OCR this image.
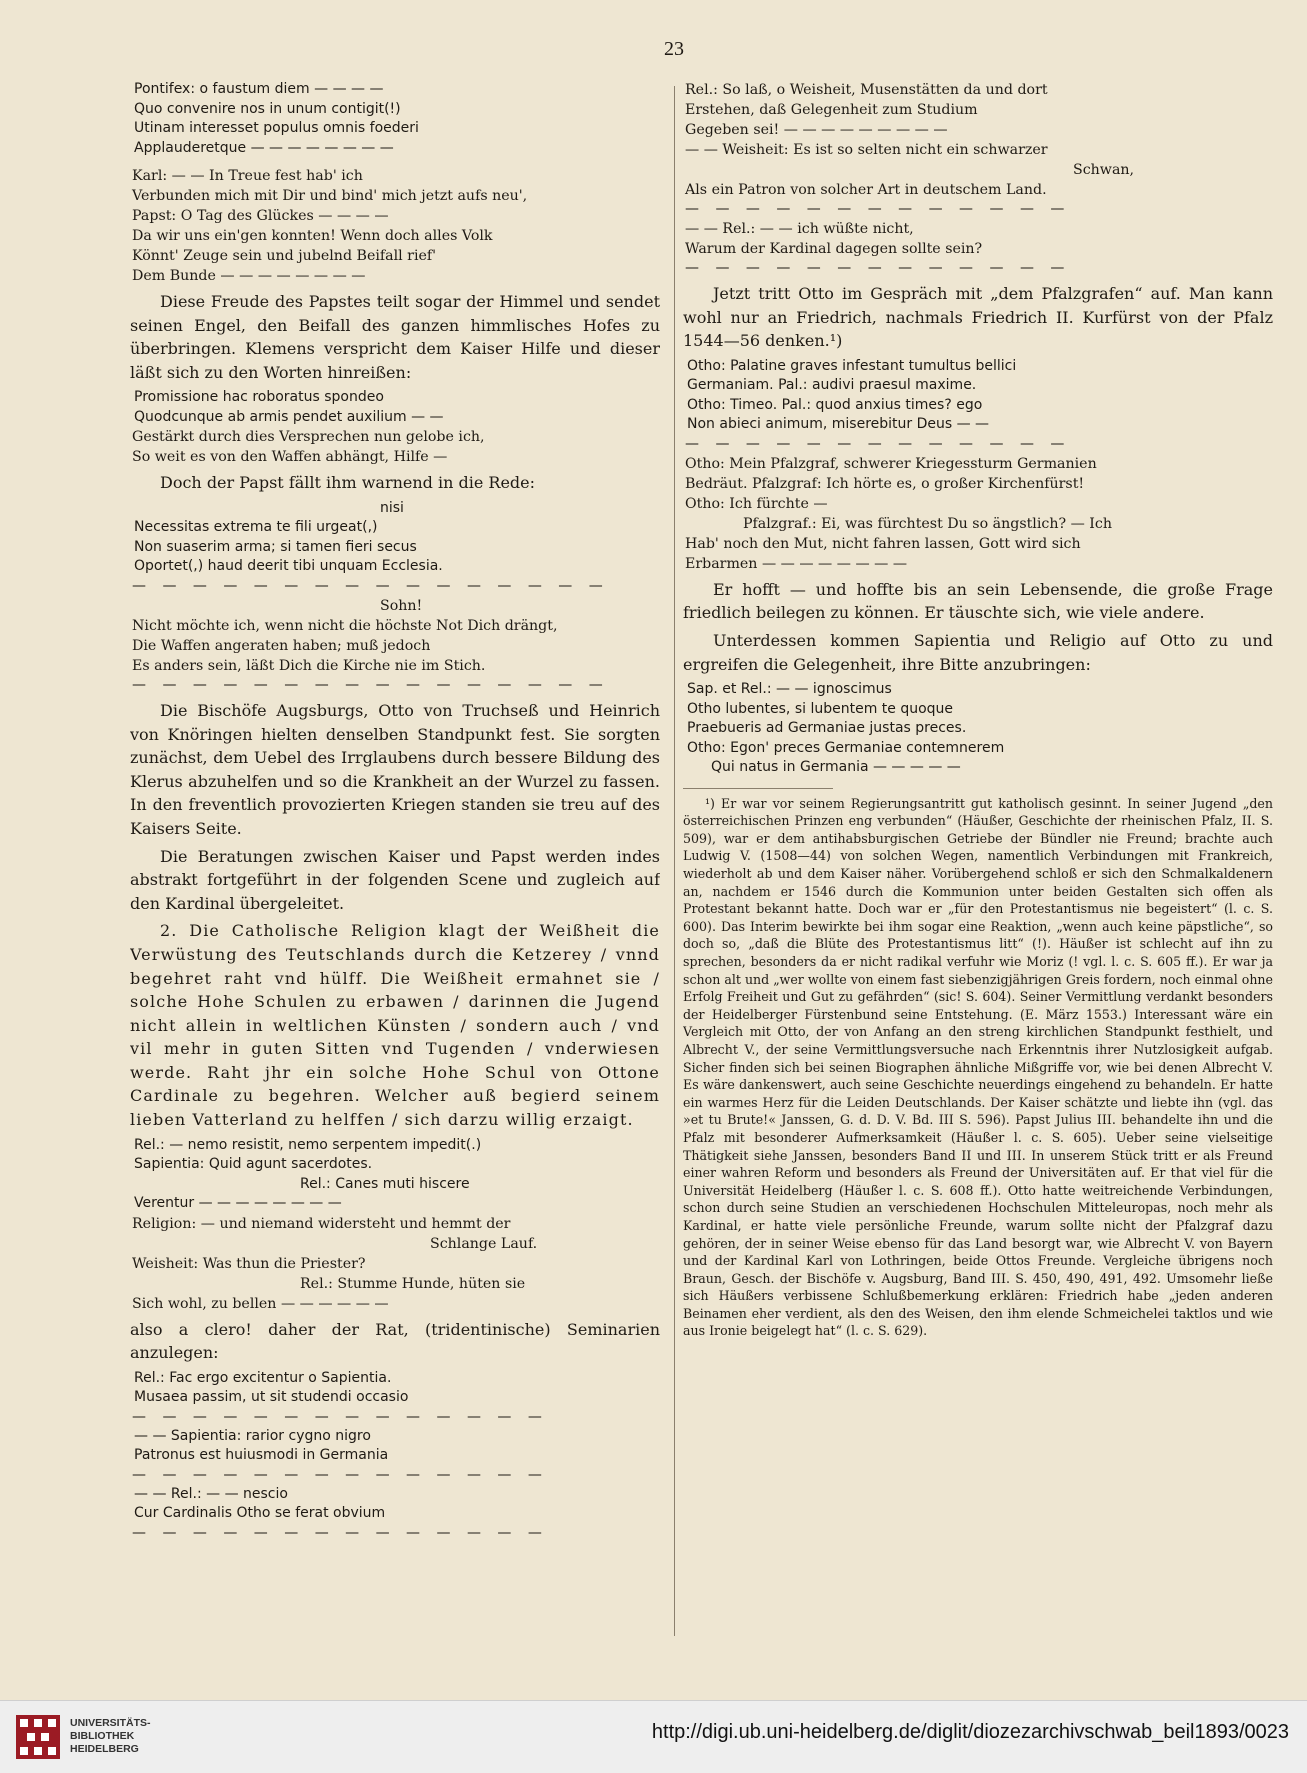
23
Pontifex: o faustum diem — — — —
Quo convenire nos in unum contigit(!)
Utinam interesset populus omnis foederi
Applauderetque — — — — — — — —
Karl: — — In Treue fest hab' ich
Verbunden mich mit Dir und bind' mich jetzt aufs neu',
Papst: O Tag des Glückes — — — —
Da wir uns ein'gen konnten! Wenn doch alles Volk
Könnt' Zeuge sein und jubelnd Beifall rief'
Dem Bunde — — — — — — — —

Diese Freude des Papstes teilt sogar der Himmel und sendet seinen Engel, den Beifall des ganzen himmlisches Hofes zu überbringen. Klemens verspricht dem Kaiser Hilfe und dieser läßt sich zu den Worten hinreißen:

Promissione hac roboratus spondeo
Quodcunque ab armis pendet auxilium — —
Gestärkt durch dies Versprechen nun gelobe ich,
So weit es von den Waffen abhängt, Hilfe —

Doch der Papst fällt ihm warnend in die Rede:

nisi
Necessitas extrema te fili urgeat(,)
Non suaserim arma; si tamen fieri secus
Oportet(,) haud deerit tibi unquam Ecclesia.
— — — — — — — — — — — — — — — —
Sohn!
Nicht möchte ich, wenn nicht die höchste Not Dich drängt,
Die Waffen angeraten haben; muß jedoch
Es anders sein, läßt Dich die Kirche nie im Stich.
— — — — — — — — — — — — — — — —

Die Bischöfe Augsburgs, Otto von Truchseß und Heinrich von Knöringen hielten denselben Standpunkt fest. Sie sorgten zunächst, dem Uebel des Irrglaubens durch bessere Bildung des Klerus abzuhelfen und so die Krankheit an der Wurzel zu fassen. In den freventlich provozierten Kriegen standen sie treu auf des Kaisers Seite.

Die Beratungen zwischen Kaiser und Papst werden indes abstrakt fortgeführt in der folgenden Scene und zugleich auf den Kardinal übergeleitet.

2. Die Catholische Religion klagt der Weißheit die Verwüstung des Teutschlands durch die Ketzerey / vnnd begehret raht vnd hülff. Die Weißheit ermahnet sie / solche Hohe Schulen zu erbawen / darinnen die Jugend nicht allein in weltlichen Künsten / sondern auch / vnd vil mehr in guten Sitten vnd Tugenden / vnderwiesen werde. Raht jhr ein solche Hohe Schul von Ottone Cardinale zu begehren. Welcher auß begierd seinem lieben Vatterland zu helffen / sich darzu willig erzaigt.

Rel.: — nemo resistit, nemo serpentem impedit(.)
Sapientia: Quid agunt sacerdotes.
Rel.: Canes muti hiscere
Verentur — — — — — — — —
Religion: — und niemand widersteht und hemmt der
Schlange Lauf.
Weisheit: Was thun die Priester?
Rel.: Stumme Hunde, hüten sie
Sich wohl, zu bellen — — — — — —

also a clero! daher der Rat, (tridentinische) Seminarien anzulegen:

Rel.: Fac ergo excitentur o Sapientia.
Musaea passim, ut sit studendi occasio
— — — — — — — — — — — — — —
— — Sapientia: rarior cygno nigro
Patronus est huiusmodi in Germania
— — — — — — — — — — — — — —
— — Rel.: — — nescio
Cur Cardinalis Otho se ferat obvium
— — — — — — — — — — — — — —
Rel.: So laß, o Weisheit, Musenstätten da und dort
Erstehen, daß Gelegenheit zum Studium
Gegeben sei! — — — — — — — — —
— — Weisheit: Es ist so selten nicht ein schwarzer
Schwan,
Als ein Patron von solcher Art in deutschem Land.
— — — — — — — — — — — — —
— — Rel.: — — ich wüßte nicht,
Warum der Kardinal dagegen sollte sein?
— — — — — — — — — — — — —

Jetzt tritt Otto im Gespräch mit „dem Pfalzgrafen“ auf. Man kann wohl nur an Friedrich, nachmals Friedrich II. Kurfürst von der Pfalz 1544—56 denken.¹)

Otho: Palatine graves infestant tumultus bellici
Germaniam. Pal.: audivi praesul maxime.
Otho: Timeo. Pal.: quod anxius times? ego
Non abieci animum, miserebitur Deus — —
— — — — — — — — — — — — —
Otho: Mein Pfalzgraf, schwerer Kriegessturm Germanien
Bedräut. Pfalzgraf: Ich hörte es, o großer Kirchenfürst!
Otho: Ich fürchte —
Pfalzgraf.: Ei, was fürchtest Du so ängstlich? — Ich
Hab' noch den Mut, nicht fahren lassen, Gott wird sich
Erbarmen — — — — — — — —

Er hofft — und hoffte bis an sein Lebensende, die große Frage friedlich beilegen zu können. Er täuschte sich, wie viele andere.

Unterdessen kommen Sapientia und Religio auf Otto zu und ergreifen die Gelegenheit, ihre Bitte anzubringen:

Sap. et Rel.: — — ignoscimus
Otho lubentes, si lubentem te quoque
Praebueris ad Germaniae justas preces.
Otho: Egon' preces Germaniae contemnerem
Qui natus in Germania — — — — —

¹) Er war vor seinem Regierungsantritt gut katholisch gesinnt. In seiner Jugend „den österreichischen Prinzen eng verbunden“ (Häußer, Geschichte der rheinischen Pfalz, II. S. 509), war er dem antihabsburgischen Getriebe der Bündler nie Freund; brachte auch Ludwig V. (1508—44) von solchen Wegen, namentlich Verbindungen mit Frankreich, wiederholt ab und dem Kaiser näher. Vorübergehend schloß er sich den Schmalkaldenern an, nachdem er 1546 durch die Kommunion unter beiden Gestalten sich offen als Protestant bekannt hatte. Doch war er „für den Protestantismus nie begeistert“ (l. c. S. 600). Das Interim bewirkte bei ihm sogar eine Reaktion, „wenn auch keine päpstliche“, so doch so, „daß die Blüte des Protestantismus litt“ (!). Häußer ist schlecht auf ihn zu sprechen, besonders da er nicht radikal verfuhr wie Moriz (! vgl. l. c. S. 605 ff.). Er war ja schon alt und „wer wollte von einem fast siebenzigjährigen Greis fordern, noch einmal ohne Erfolg Freiheit und Gut zu gefährden“ (sic! S. 604). Seiner Vermittlung verdankt besonders der Heidelberger Fürstenbund seine Entstehung. (E. März 1553.) Interessant wäre ein Vergleich mit Otto, der von Anfang an den streng kirchlichen Standpunkt festhielt, und Albrecht V., der seine Vermittlungsversuche nach Erkenntnis ihrer Nutzlosigkeit aufgab. Sicher finden sich bei seinen Biographen ähnliche Mißgriffe vor, wie bei denen Albrecht V. Es wäre dankenswert, auch seine Geschichte neuerdings eingehend zu behandeln. Er hatte ein warmes Herz für die Leiden Deutschlands. Der Kaiser schätzte und liebte ihn (vgl. das »et tu Brute!« Janssen, G. d. D. V. Bd. III S. 596). Papst Julius III. behandelte ihn und die Pfalz mit besonderer Aufmerksamkeit (Häußer l. c. S. 605). Ueber seine vielseitige Thätigkeit siehe Janssen, besonders Band II und III. In unserem Stück tritt er als Freund einer wahren Reform und besonders als Freund der Universitäten auf. Er that viel für die Universität Heidelberg (Häußer l. c. S. 608 ff.). Otto hatte weitreichende Verbindungen, schon durch seine Studien an verschiedenen Hochschulen Mitteleuropas, noch mehr als Kardinal, er hatte viele persönliche Freunde, warum sollte nicht der Pfalzgraf dazu gehören, der in seiner Weise ebenso für das Land besorgt war, wie Albrecht V. von Bayern und der Kardinal Karl von Lothringen, beide Ottos Freunde. Vergleiche übrigens noch Braun, Gesch. der Bischöfe v. Augsburg, Band III. S. 450, 490, 491, 492. Umsomehr ließe sich Häußers verbissene Schlußbemerkung erklären: Friedrich habe „jeden anderen Beinamen eher verdient, als den des Weisen, den ihm elende Schmeichelei taktlos und wie aus Ironie beigelegt hat“ (l. c. S. 629).

UNIVERSITÄTS-
BIBLIOTHEK
HEIDELBERG
http://digi.ub.uni-heidelberg.de/diglit/diozezarchivschwab_beil1893/0023
